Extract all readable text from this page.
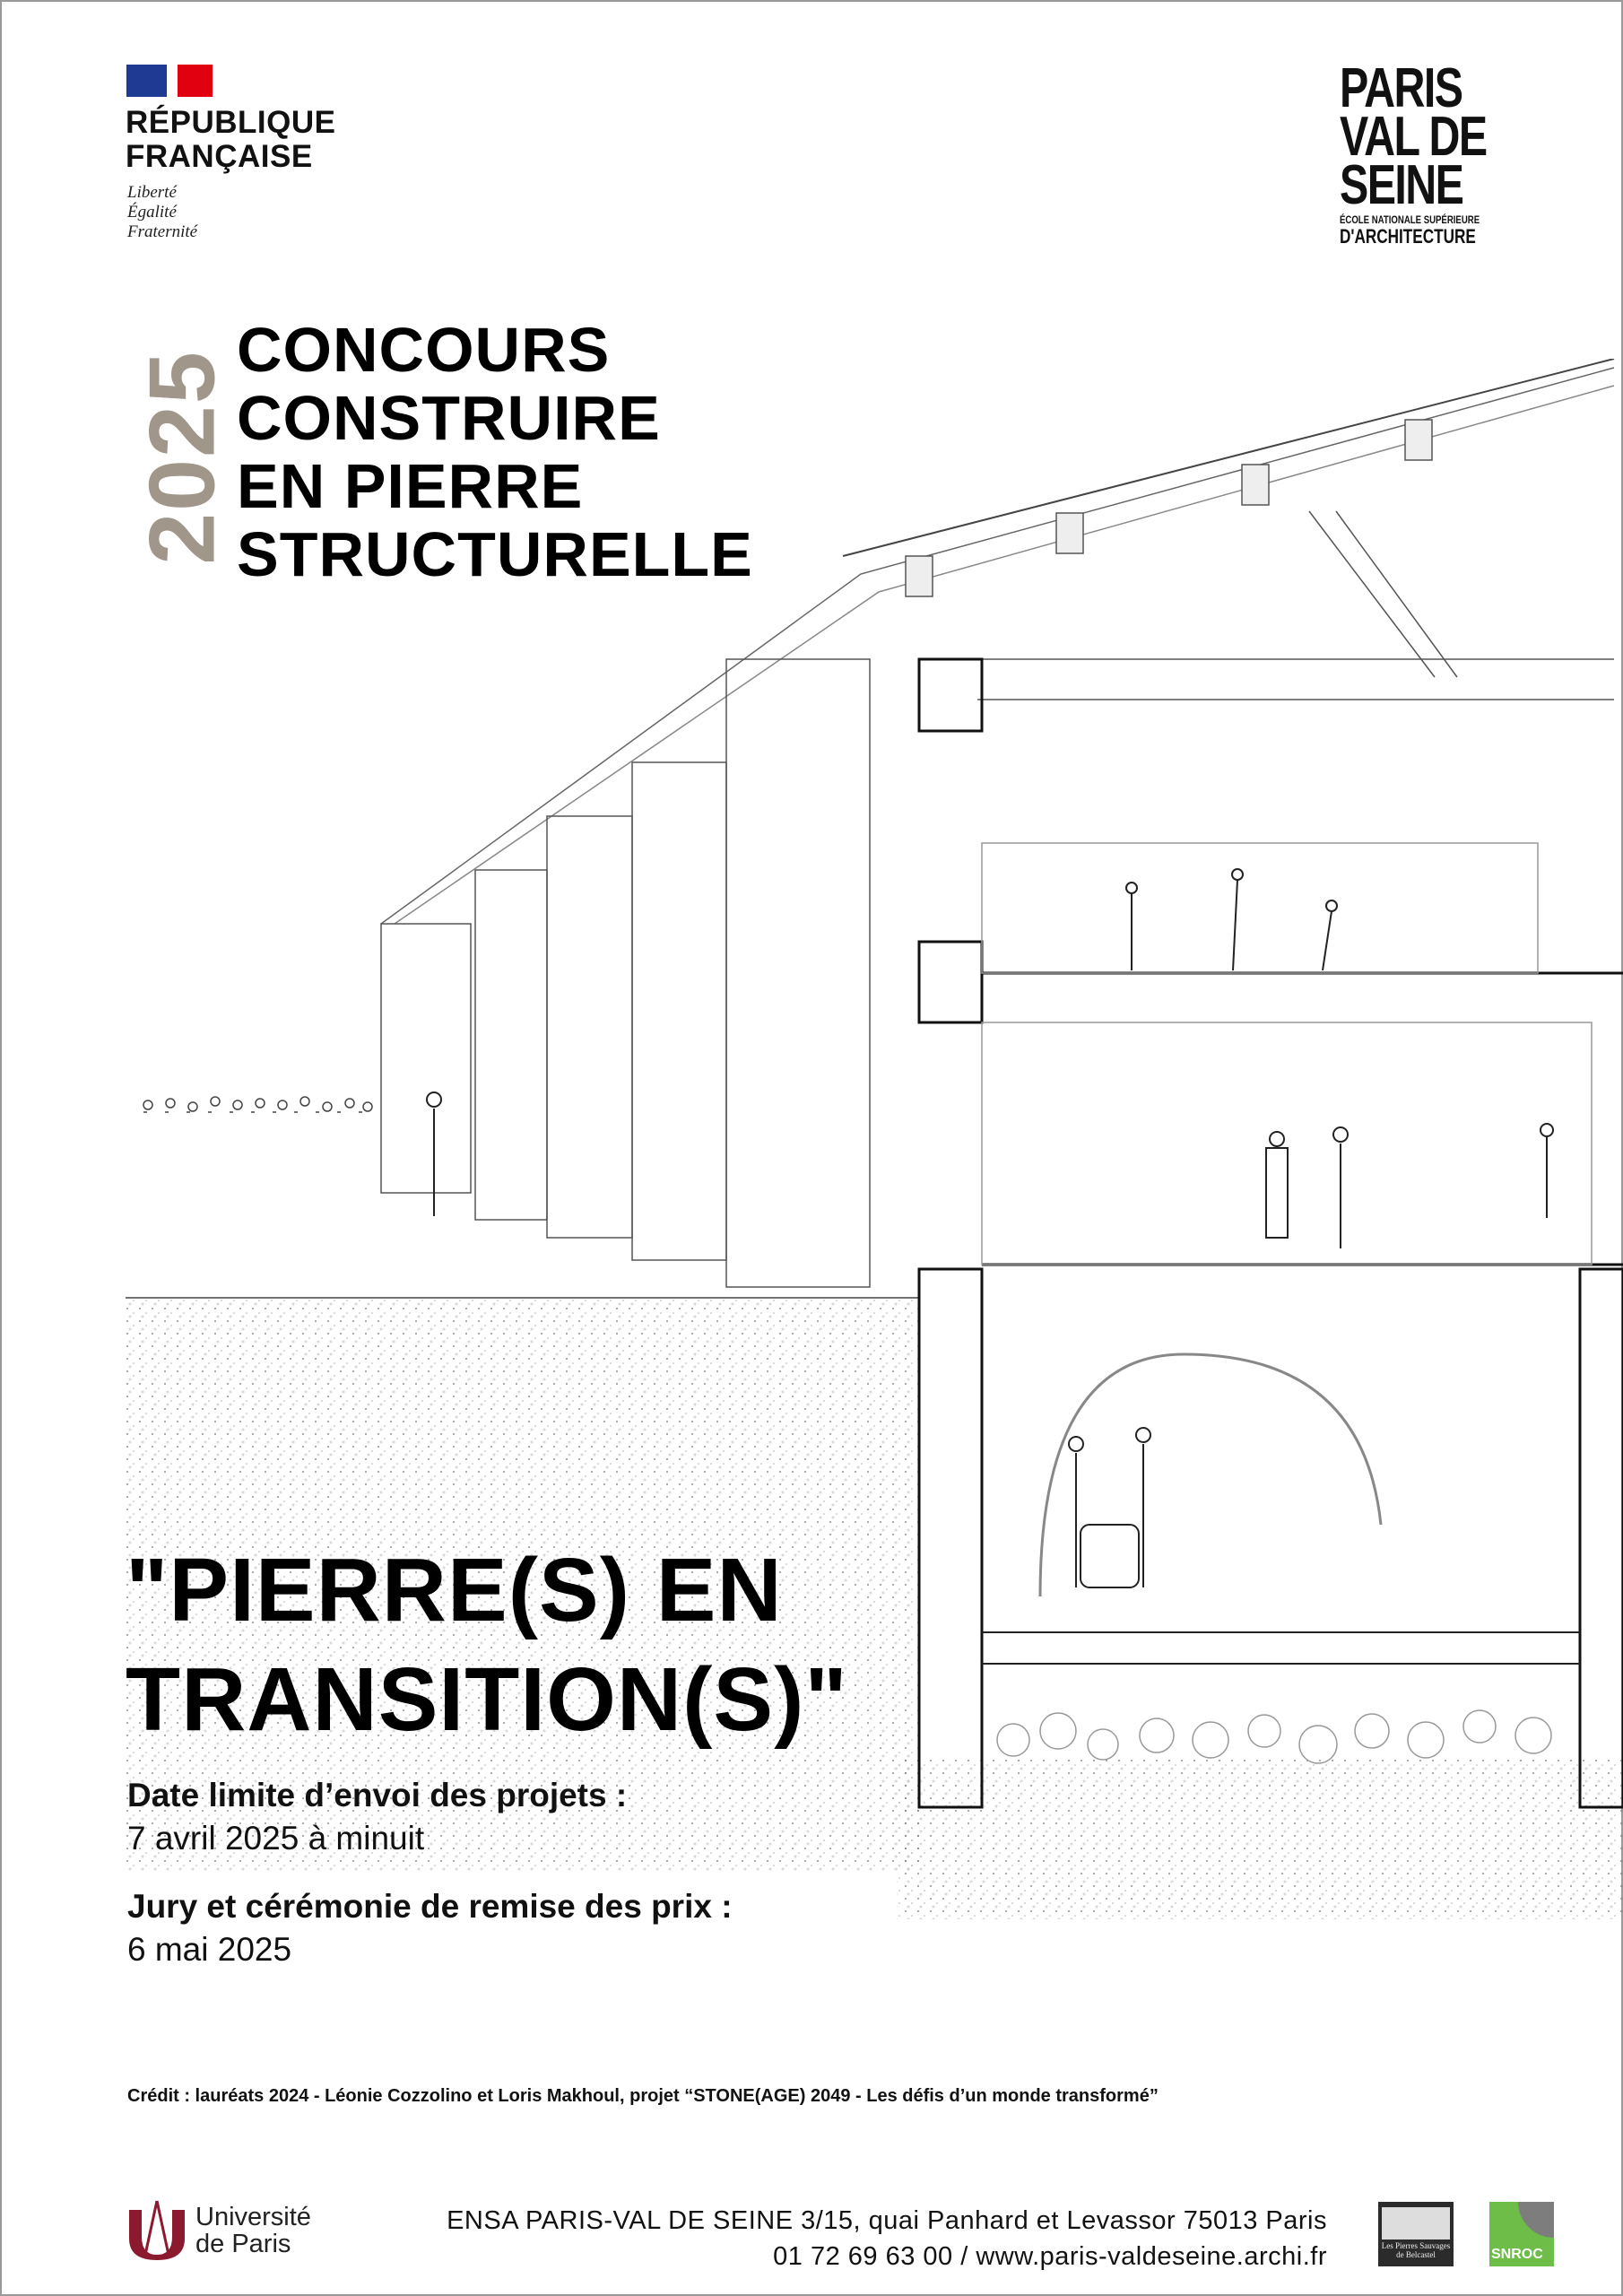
RÉPUBLIQUE
FRANÇAISE
Liberté
Égalité
Fraternité
PARIS
VAL DE
SEINE
ÉCOLE NATIONALE SUPÉRIEURE
D'ARCHITECTURE
2025
CONCOURS
CONSTRUIRE
EN PIERRE
STRUCTURELLE
"PIERRE(S) EN
TRANSITION(S)"
Date limite d’envoi des projets :
7 avril 2025 à minuit
Jury et cérémonie de remise des prix :
6 mai 2025
Crédit : lauréats 2024 - Léonie Cozzolino et Loris Makhoul, projet “STONE(AGE) 2049 - Les défis d’un monde transformé”
Université
de Paris
ENSA PARIS-VAL DE SEINE 3/15, quai Panhard et Levassor 75013 Paris
01 72 69 63 00 / www.paris-valdeseine.archi.fr	Les Pierres Sauvages de Belcastel	SNROC
